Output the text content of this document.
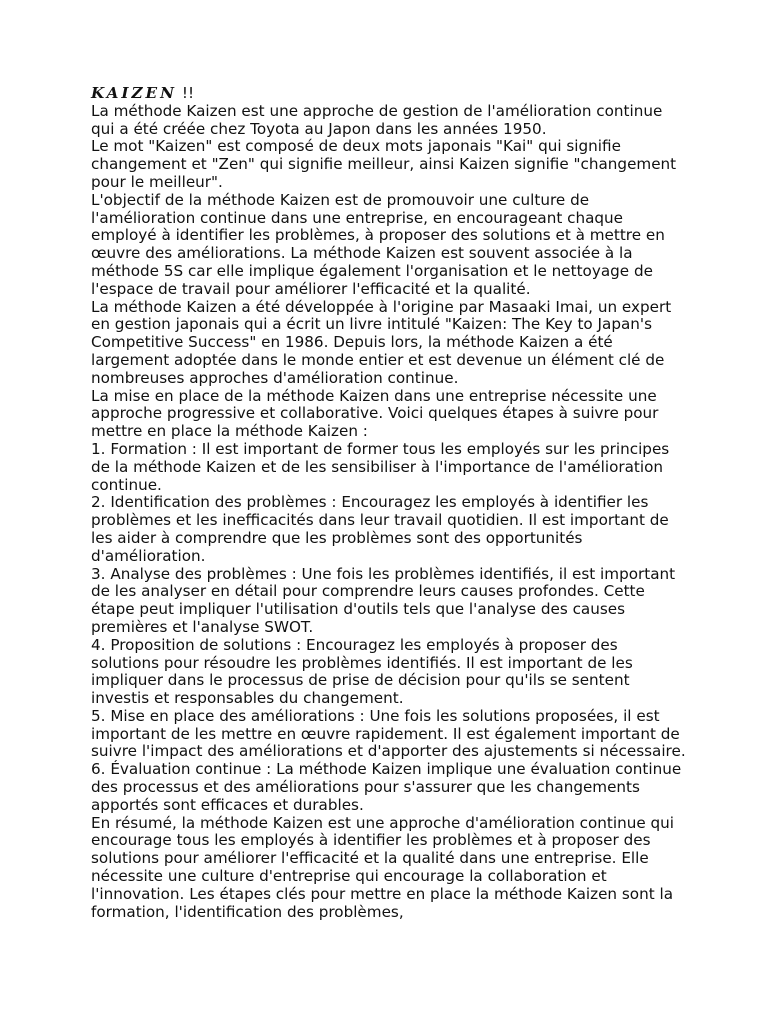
KAIZEN !!

La méthode Kaizen est une approche de gestion de l'amélioration continue qui a été créée chez Toyota au Japon dans les années 1950.

Le mot "Kaizen" est composé de deux mots japonais "Kai" qui signifie changement et "Zen" qui signifie meilleur, ainsi Kaizen signifie "changement pour le meilleur".

L'objectif de la méthode Kaizen est de promouvoir une culture de l'amélioration continue dans une entreprise, en encourageant chaque employé à identifier les problèmes, à proposer des solutions et à mettre en œuvre des améliorations. La méthode Kaizen est souvent associée à la méthode 5S car elle implique également l'organisation et le nettoyage de l'espace de travail pour améliorer l'efficacité et la qualité.

La méthode Kaizen a été développée à l'origine par Masaaki Imai, un expert en gestion japonais qui a écrit un livre intitulé "Kaizen: The Key to Japan's Competitive Success" en 1986. Depuis lors, la méthode Kaizen a été largement adoptée dans le monde entier et est devenue un élément clé de nombreuses approches d'amélioration continue.

La mise en place de la méthode Kaizen dans une entreprise nécessite une approche progressive et collaborative. Voici quelques étapes à suivre pour mettre en place la méthode Kaizen :

1. Formation : Il est important de former tous les employés sur les principes de la méthode Kaizen et de les sensibiliser à l'importance de l'amélioration continue.

2. Identification des problèmes : Encouragez les employés à identifier les problèmes et les inefficacités dans leur travail quotidien. Il est important de les aider à comprendre que les problèmes sont des opportunités d'amélioration.

3. Analyse des problèmes : Une fois les problèmes identifiés, il est important de les analyser en détail pour comprendre leurs causes profondes. Cette étape peut impliquer l'utilisation d'outils tels que l'analyse des causes premières et l'analyse SWOT.

4. Proposition de solutions : Encouragez les employés à proposer des solutions pour résoudre les problèmes identifiés. Il est important de les impliquer dans le processus de prise de décision pour qu'ils se sentent investis et responsables du changement.

5. Mise en place des améliorations : Une fois les solutions proposées, il est important de les mettre en œuvre rapidement. Il est également important de suivre l'impact des améliorations et d'apporter des ajustements si nécessaire.

6. Évaluation continue : La méthode Kaizen implique une évaluation continue des processus et des améliorations pour s'assurer que les changements apportés sont efficaces et durables.

En résumé, la méthode Kaizen est une approche d'amélioration continue qui encourage tous les employés à identifier les problèmes et à proposer des solutions pour améliorer l'efficacité et la qualité dans une entreprise. Elle nécessite une culture d'entreprise qui encourage la collaboration et l'innovation. Les étapes clés pour mettre en place la méthode Kaizen sont la formation, l'identification des problèmes,
